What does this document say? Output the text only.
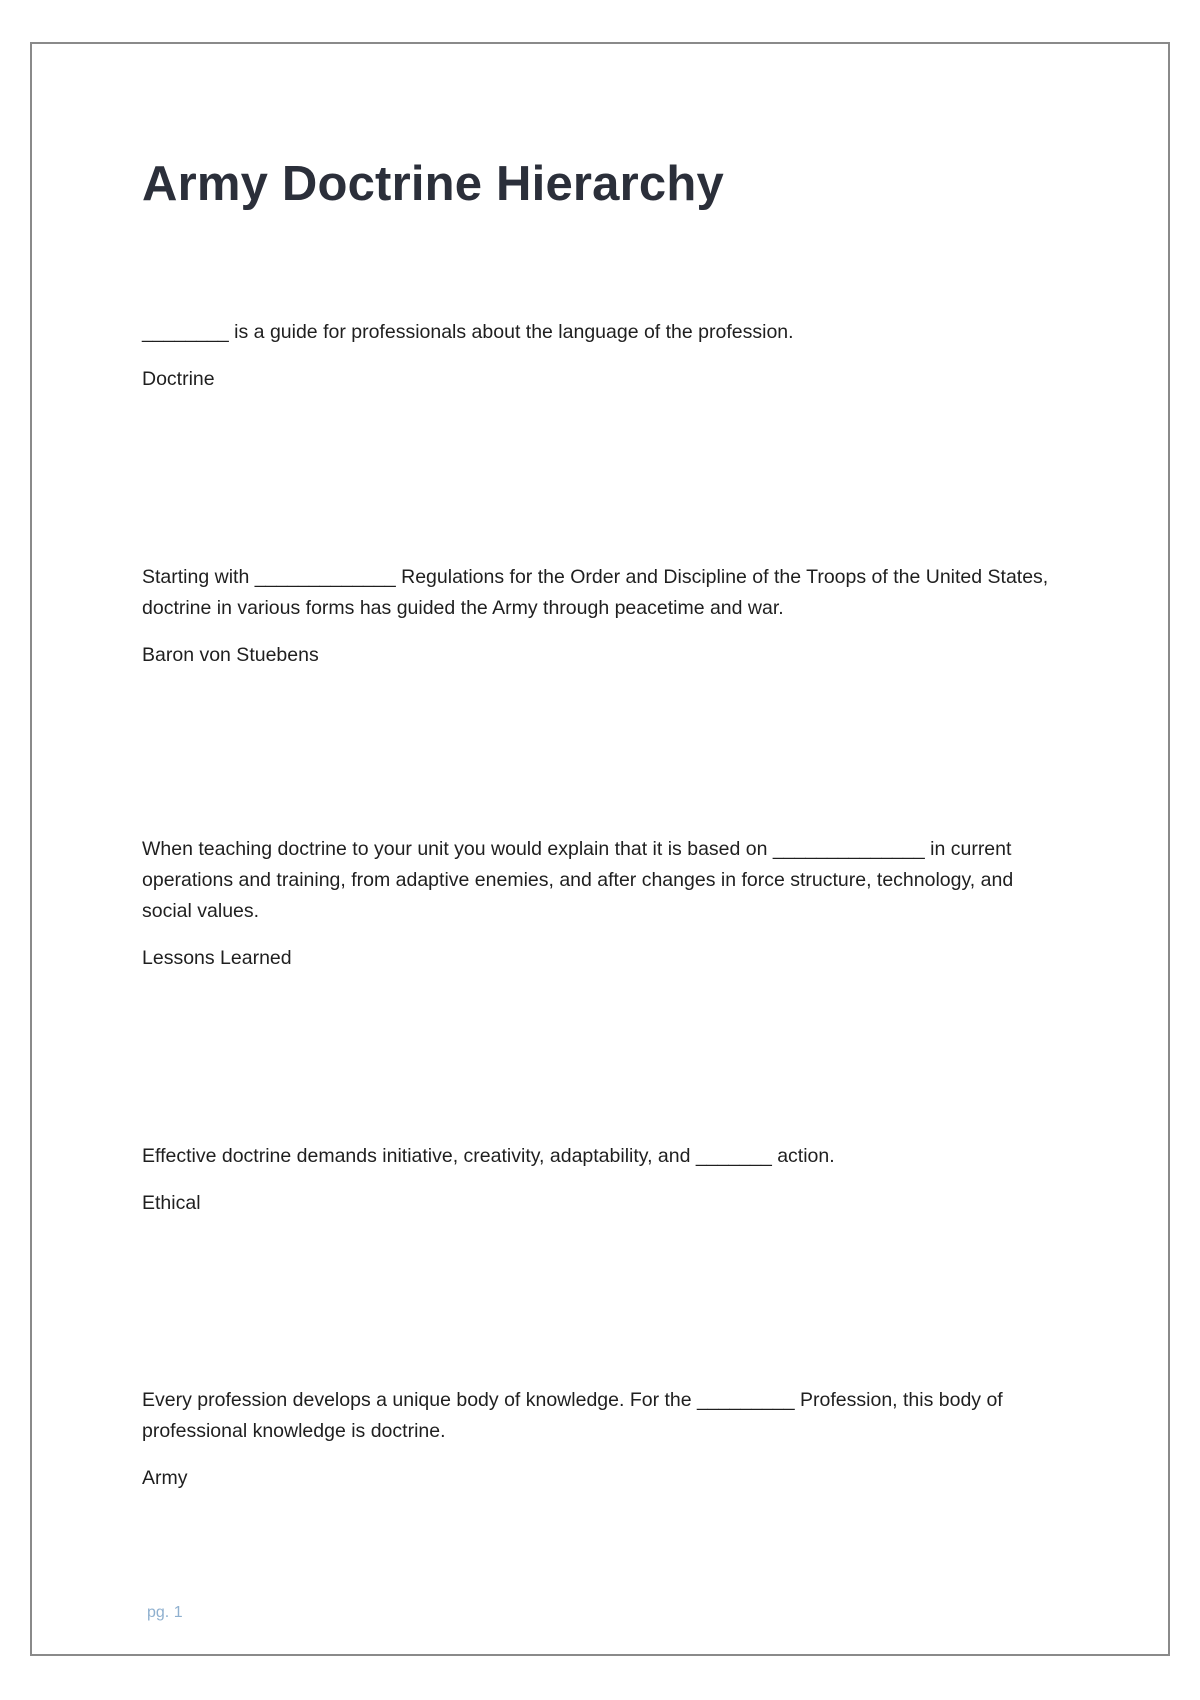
Army Doctrine Hierarchy

________ is a guide for professionals about the language of the profession.

Doctrine

Starting with _____________ Regulations for the Order and Discipline of the Troops of the United States, doctrine in various forms has guided the Army through peacetime and war.

Baron von Stuebens

When teaching doctrine to your unit you would explain that it is based on ______________ in current operations and training, from adaptive enemies, and after changes in force structure, technology, and social values.

Lessons Learned

Effective doctrine demands initiative, creativity, adaptability, and _______ action.

Ethical

Every profession develops a unique body of knowledge. For the _________ Profession, this body of professional knowledge is doctrine.

Army

pg. 1
